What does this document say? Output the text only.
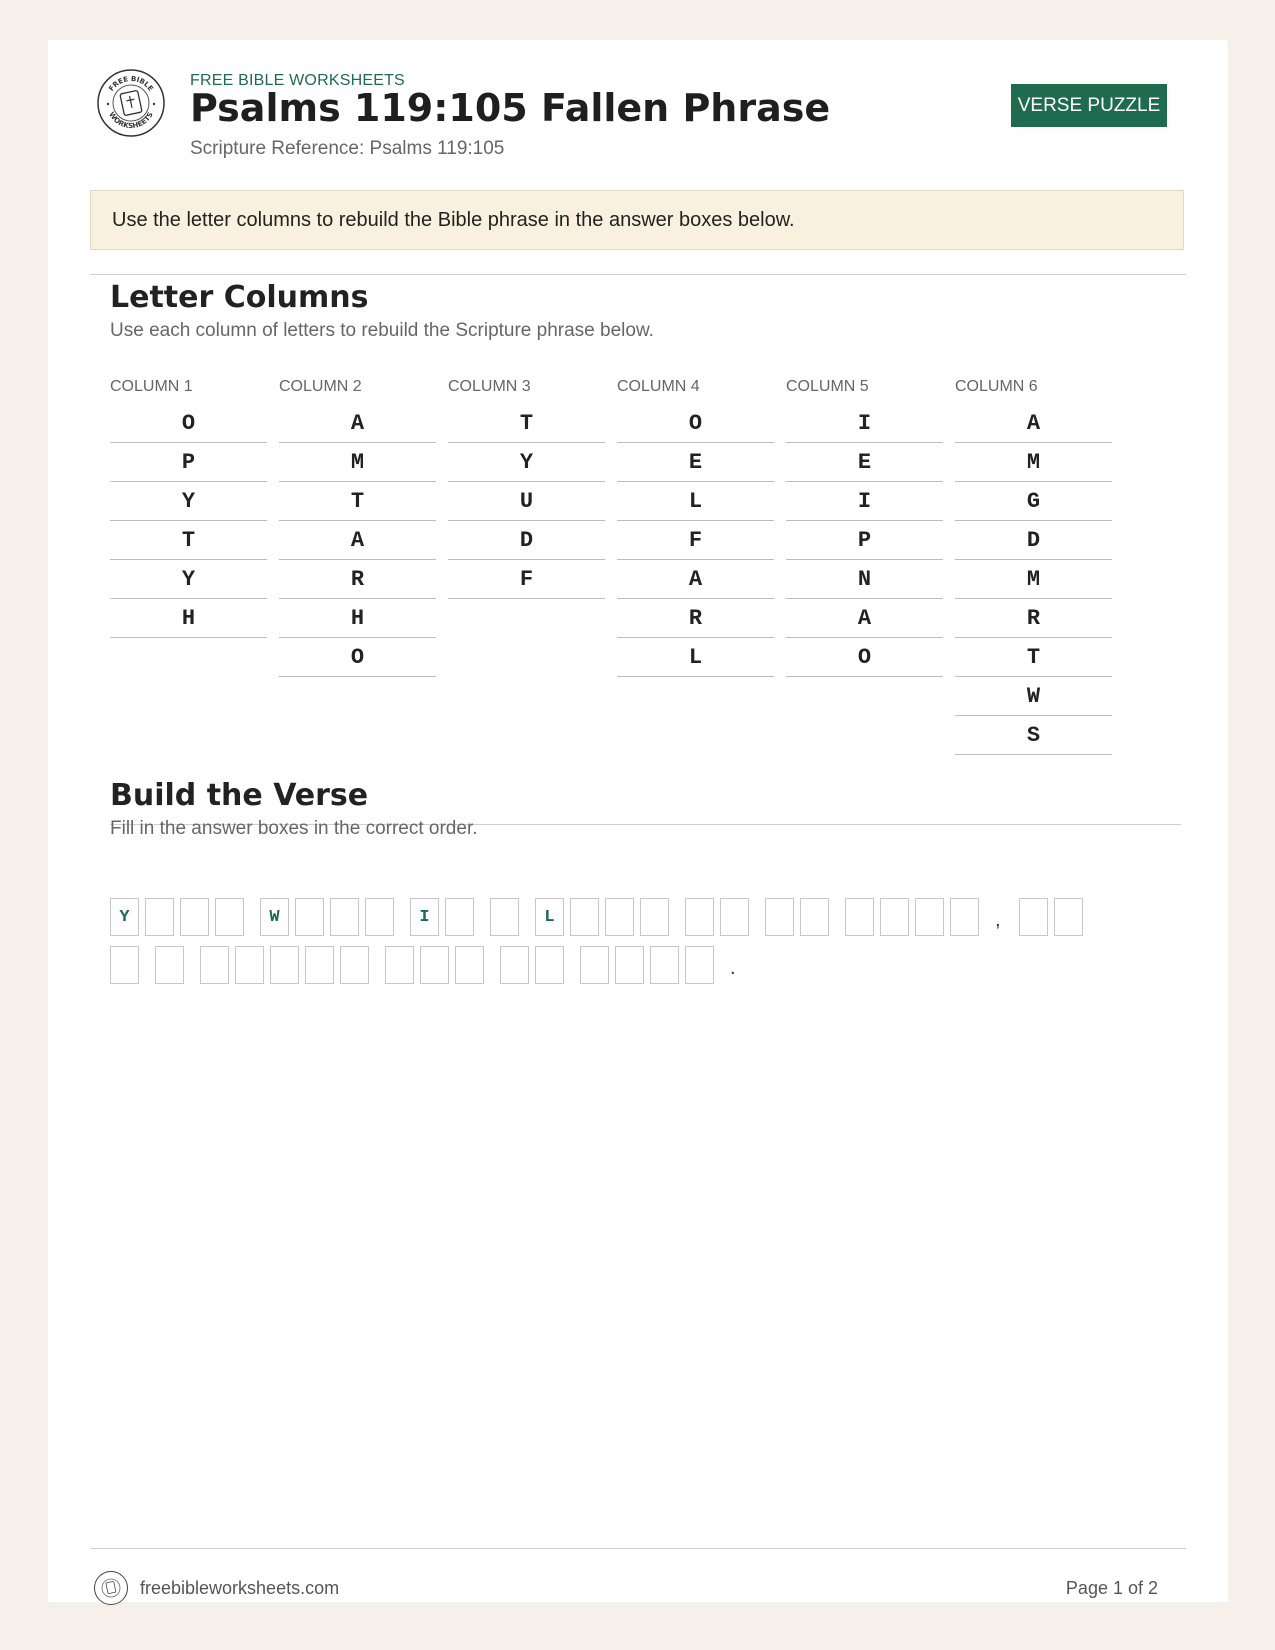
FREE BIBLE
WORKSHEETS
FREE BIBLE WORKSHEETS
Psalms 119:105 Fallen Phrase
Scripture Reference: Psalms 119:105
VERSE PUZZLE
Use the letter columns to rebuild the Bible phrase in the answer boxes below.
Letter Columns
Use each column of letters to rebuild the Scripture phrase below.
COLUMN 1
O
P
Y
T
Y
H
COLUMN 2
A
M
T
A
R
H
O
COLUMN 3
T
Y
U
D
F
COLUMN 4
O
E
L
F
A
R
L
COLUMN 5
I
E
I
P
N
A
O
COLUMN 6
A
M
G
D
M
R
T
W
S
Build the Verse
Fill in the answer boxes in the correct order.
Y	W	I	L	,
.
freebibleworksheets.com	Page 1 of 2
